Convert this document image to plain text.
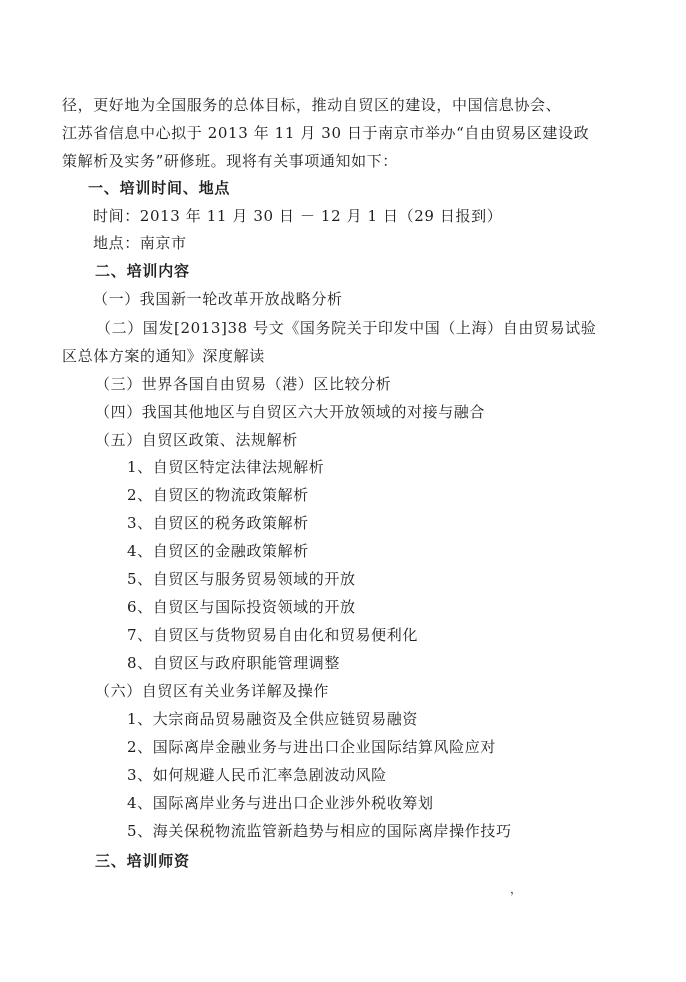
径，更好地为全国服务的总体目标，推动自贸区的建设，中国信息协会、
江苏省信息中心拟于 2013 年 11 月 30 日于南京市举办“自由贸易区建设政
策解析及实务”研修班。现将有关事项通知如下：
一、培训时间、地点
时间：2013 年 11 月 30 日 － 12 月 1 日（29 日报到）
地点：南京市
二、培训内容
（一）我国新一轮改革开放战略分析
（二）国发[2013]38 号文《国务院关于印发中国（上海）自由贸易试验
区总体方案的通知》深度解读
（三）世界各国自由贸易（港）区比较分析
（四）我国其他地区与自贸区六大开放领域的对接与融合
（五）自贸区政策、法规解析
1、自贸区特定法律法规解析
2、自贸区的物流政策解析
3、自贸区的税务政策解析
4、自贸区的金融政策解析
5、自贸区与服务贸易领域的开放
6、自贸区与国际投资领域的开放
7、自贸区与货物贸易自由化和贸易便利化
8、自贸区与政府职能管理调整
（六）自贸区有关业务详解及操作
1、大宗商品贸易融资及全供应链贸易融资
2、国际离岸金融业务与进出口企业国际结算风险应对
3、如何规避人民币汇率急剧波动风险
4、国际离岸业务与进出口企业涉外税收筹划
5、海关保税物流监管新趋势与相应的国际离岸操作技巧
三、培训师资
，
